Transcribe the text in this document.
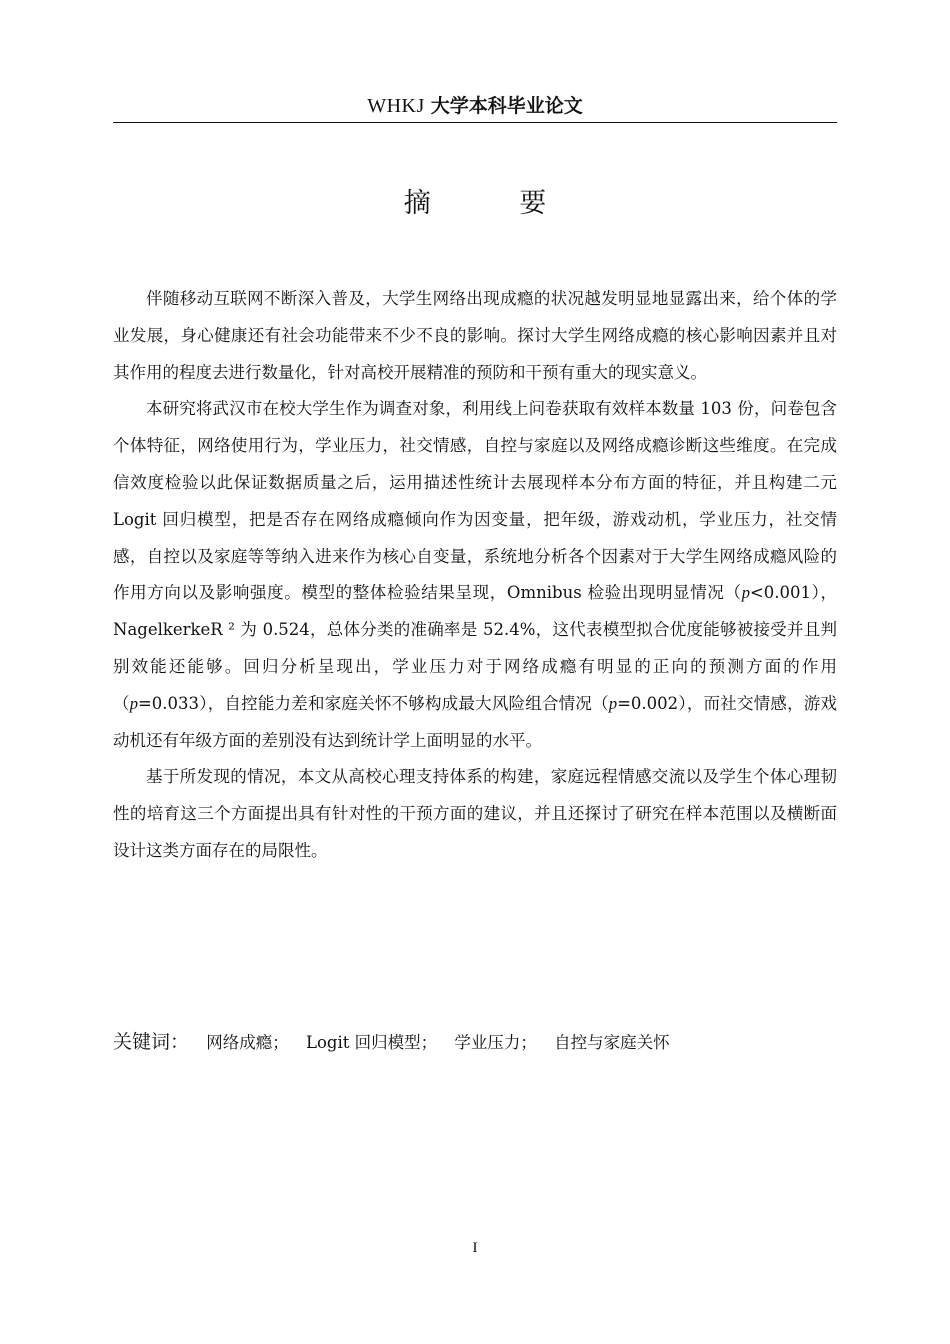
WHKJ 大学本科毕业论文
摘 要

伴随移动互联网不断深入普及，大学生网络出现成瘾的状况越发明显地显露出来，给个体的学业发展，身心健康还有社会功能带来不少不良的影响。探讨大学生网络成瘾的核心影响因素并且对其作用的程度去进行数量化，针对高校开展精准的预防和干预有重大的现实意义。

本研究将武汉市在校大学生作为调查对象，利用线上问卷获取有效样本数量 103 份，问卷包含个体特征，网络使用行为，学业压力，社交情感，自控与家庭以及网络成瘾诊断这些维度。在完成信效度检验以此保证数据质量之后，运用描述性统计去展现样本分布方面的特征，并且构建二元 Logit 回归模型，把是否存在网络成瘾倾向作为因变量，把年级，游戏动机，学业压力，社交情感，自控以及家庭等等纳入进来作为核心自变量，系统地分析各个因素对于大学生网络成瘾风险的作用方向以及影响强度。模型的整体检验结果呈现，Omnibus 检验出现明显情况（p<0.001），NagelkerkeR ² 为 0.524，总体分类的准确率是 52.4%，这代表模型拟合优度能够被接受并且判别效能还能够。回归分析呈现出，学业压力对于网络成瘾有明显的正向的预测方面的作用（p=0.033），自控能力差和家庭关怀不够构成最大风险组合情况（p=0.002），而社交情感，游戏动机还有年级方面的差别没有达到统计学上面明显的水平。

基于所发现的情况，本文从高校心理支持体系的构建，家庭远程情感交流以及学生个体心理韧性的培育这三个方面提出具有针对性的干预方面的建议，并且还探讨了研究在样本范围以及横断面设计这类方面存在的局限性。

关键词： 网络成瘾； Logit 回归模型； 学业压力； 自控与家庭关怀
I
